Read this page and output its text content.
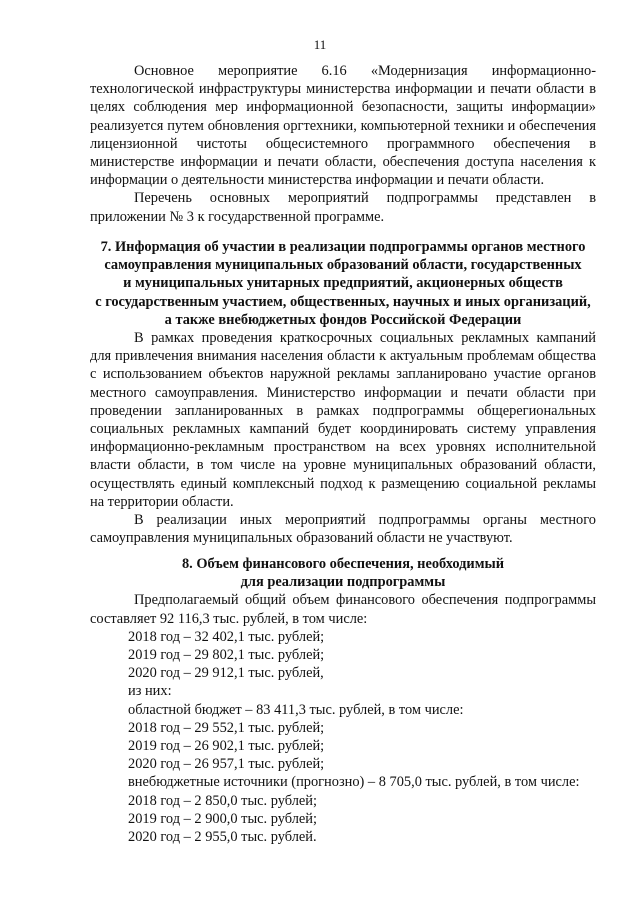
11

Основное мероприятие 6.16 «Модернизация информационно-технологической инфраструктуры министерства информации и печати области в целях соблюдения мер информационной безопасности, защиты информации» реализуется путем обновления оргтехники, компьютерной техники и обеспечения лицензионной чистоты общесистемного программного обеспечения в министерстве информации и печати области, обеспечения доступа населения к информации о деятельности министерства информации и печати области.

Перечень основных мероприятий подпрограммы представлен в приложении № 3 к государственной программе.

7. Информация об участии в реализации подпрограммы органов местного

самоуправления муниципальных образований области, государственных

и муниципальных унитарных предприятий, акционерных обществ

с государственным участием, общественных, научных и иных организаций,

а также внебюджетных фондов Российской Федерации

В рамках проведения краткосрочных социальных рекламных кампаний для привлечения внимания населения области к актуальным проблемам общества с использованием объектов наружной рекламы запланировано участие органов местного самоуправления. Министерство информации и печати области при проведении запланированных в рамках подпрограммы общерегиональных социальных рекламных кампаний будет координировать систему управления информационно-рекламным пространством на всех уровнях исполнительной власти области, в том числе на уровне муниципальных образований области, осуществлять единый комплексный подход к размещению социальной рекламы на территории области.

В реализации иных мероприятий подпрограммы органы местного самоуправления муниципальных образований области не участвуют.

8. Объем финансового обеспечения, необходимый

для реализации подпрограммы

Предполагаемый общий объем финансового обеспечения подпрограммы составляет 92 116,3 тыс. рублей, в том числе:

2018 год – 32 402,1 тыс. рублей;

2019 год – 29 802,1 тыс. рублей;

2020 год – 29 912,1 тыс. рублей,

из них:

областной бюджет – 83 411,3 тыс. рублей, в том числе:

2018 год – 29 552,1 тыс. рублей;

2019 год – 26 902,1 тыс. рублей;

2020 год – 26 957,1 тыс. рублей;

внебюджетные источники (прогнозно) – 8 705,0 тыс. рублей, в том числе:

2018 год – 2 850,0 тыс. рублей;

2019 год – 2 900,0 тыс. рублей;

2020 год – 2 955,0 тыс. рублей.
